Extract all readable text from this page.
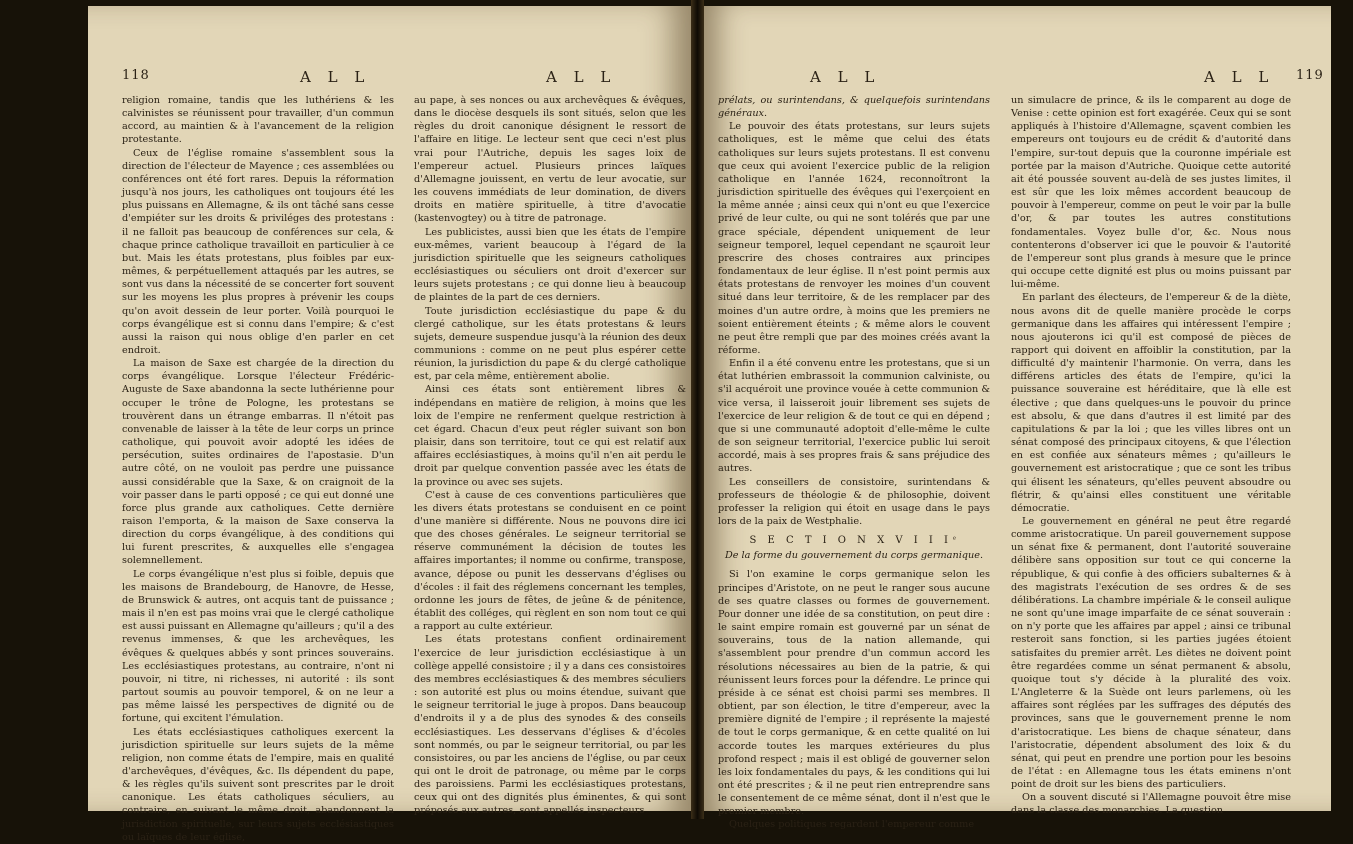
118	A L L	A L L

religion romaine, tandis que les luthériens & les calvinistes se réunissent pour travailler, d'un commun accord, au maintien & à l'avancement de la religion protestante.

Ceux de l'église romaine s'assemblent sous la direction de l'électeur de Mayence ; ces assemblées ou conférences ont été fort rares. Depuis la réformation jusqu'à nos jours, les catholiques ont toujours été les plus puissans en Allemagne, & ils ont tâché sans cesse d'empiéter sur les droits & priviléges des protestans : il ne falloit pas beaucoup de conférences sur cela, & chaque prince catholique travailloit en particulier à ce but. Mais les états protestans, plus foibles par eux-mêmes, & perpétuellement attaqués par les autres, se sont vus dans la nécessité de se concerter fort souvent sur les moyens les plus propres à prévenir les coups qu'on avoit dessein de leur porter. Voilà pourquoi le corps évangélique est si connu dans l'empire; & c'est aussi la raison qui nous oblige d'en parler en cet endroit.

La maison de Saxe est chargée de la direction du corps évangélique. Lorsque l'électeur Frédéric-Auguste de Saxe abandonna la secte luthérienne pour occuper le trône de Pologne, les protestans se trouvèrent dans un étrange embarras. Il n'étoit pas convenable de laisser à la tête de leur corps un prince catholique, qui pouvoit avoir adopté les idées de persécution, suites ordinaires de l'apostasie. D'un autre côté, on ne vouloit pas perdre une puissance aussi considérable que la Saxe, & on craignoit de la voir passer dans le parti opposé ; ce qui eut donné une force plus grande aux catholiques. Cette dernière raison l'emporta, & la maison de Saxe conserva la direction du corps évangélique, à des conditions qui lui furent prescrites, & auxquelles elle s'engagea solemnellement.

Le corps évangélique n'est plus si foible, depuis que les maisons de Brandebourg, de Hanovre, de Hesse, de Brunswick & autres, ont acquis tant de puissance ; mais il n'en est pas moins vrai que le clergé catholique est aussi puissant en Allemagne qu'ailleurs ; qu'il a des revenus immenses, & que les archevêques, les évêques & quelques abbés y sont princes souverains. Les ecclésiastiques protestans, au contraire, n'ont ni pouvoir, ni titre, ni richesses, ni autorité : ils sont partout soumis au pouvoir temporel, & on ne leur a pas même laissé les perspectives de dignité ou de fortune, qui excitent l'émulation.

Les états ecclésiastiques catholiques exercent la jurisdiction spirituelle sur leurs sujets de la même religion, non comme états de l'empire, mais en qualité d'archevêques, d'évêques, &c. Ils dépendent du pape, & les règles qu'ils suivent sont prescrites par le droit canonique. Les états catholiques séculiers, au contraire, en suivant le même droit, abandonnent la jurisdiction spirituelle, sur leurs sujets ecclésiastiques ou laïques de leur église,

au pape, à ses nonces ou aux archevêques & évêques, dans le diocèse desquels ils sont situés, selon que les règles du droit canonique désignent le ressort de l'affaire en litige. Le lecteur sent que ceci n'est plus vrai pour l'Autriche, depuis les sages loix de l'empereur actuel. Plusieurs princes laïques d'Allemagne jouissent, en vertu de leur avocatie, sur les couvens immédiats de leur domination, de divers droits en matière spirituelle, à titre d'avocatie (kastenvogtey) ou à titre de patronage.

Les publicistes, aussi bien que les états de l'empire eux-mêmes, varient beaucoup à l'égard de la jurisdiction spirituelle que les seigneurs catholiques ecclésiastiques ou séculiers ont droit d'exercer sur leurs sujets protestans ; ce qui donne lieu à beaucoup de plaintes de la part de ces derniers.

Toute jurisdiction ecclésiastique du pape & du clergé catholique, sur les états protestans & leurs sujets, demeure suspendue jusqu'à la réunion des deux communions : comme on ne peut plus espérer cette réunion, la jurisdiction du pape & du clergé catholique est, par cela même, entièrement abolie.

Ainsi ces états sont entièrement libres & indépendans en matière de religion, à moins que les loix de l'empire ne renferment quelque restriction à cet égard. Chacun d'eux peut régler suivant son bon plaisir, dans son territoire, tout ce qui est relatif aux affaires ecclésiastiques, à moins qu'il n'en ait perdu le droit par quelque convention passée avec les états de la province ou avec ses sujets.

C'est à cause de ces conventions particulières que les divers états protestans se conduisent en ce point d'une manière si différente. Nous ne pouvons dire ici que des choses générales. Le seigneur territorial se réserve communément la décision de toutes les affaires importantes; il nomme ou confirme, transpose, avance, dépose ou punit les desservans d'églises ou d'écoles : il fait des réglemens concernant les temples, ordonne les jours de fêtes, de jeûne & de pénitence, établit des colléges, qui règlent en son nom tout ce qui a rapport au culte extérieur.

Les états protestans confient ordinairement l'exercice de leur jurisdiction ecclésiastique à un collège appellé consistoire ; il y a dans ces consistoires des membres ecclésiastiques & des membres séculiers : son autorité est plus ou moins étendue, suivant que le seigneur territorial le juge à propos. Dans beaucoup d'endroits il y a de plus des synodes & des conseils ecclésiastiques. Les desservans d'églises & d'écoles sont nommés, ou par le seigneur territorial, ou par les consistoires, ou par les anciens de l'église, ou par ceux qui ont le droit de patronage, ou même par le corps des paroissiens. Parmi les ecclésiastiques protestans, ceux qui ont des dignités plus éminentes, & qui sont préposés aux autres, sont appellés inspecteurs

A L L	A L L 119

prélats, ou surintendans, & quelquefois surintendans généraux.

Le pouvoir des états protestans, sur leurs sujets catholiques, est le même que celui des états catholiques sur leurs sujets protestans. Il est convenu que ceux qui avoient l'exercice public de la religion catholique en l'année 1624, reconnoîtront la jurisdiction spirituelle des évêques qui l'exerçoient en la même année ; ainsi ceux qui n'ont eu que l'exercice privé de leur culte, ou qui ne sont tolérés que par une grace spéciale, dépendent uniquement de leur seigneur temporel, lequel cependant ne sçauroit leur prescrire des choses contraires aux principes fondamentaux de leur église. Il n'est point permis aux états protestans de renvoyer les moines d'un couvent situé dans leur territoire, & de les remplacer par des moines d'un autre ordre, à moins que les premiers ne soient entièrement éteints ; & même alors le couvent ne peut être rempli que par des moines créés avant la réforme.

Enfin il a été convenu entre les protestans, que si un état luthérien embrassoit la communion calviniste, ou s'il acquéroit une province vouée à cette communion & vice versa, il laisseroit jouir librement ses sujets de l'exercice de leur religion & de tout ce qui en dépend ; que si une communauté adoptoit d'elle-même le culte de son seigneur territorial, l'exercice public lui seroit accordé, mais à ses propres frais & sans préjudice des autres.

Les conseillers de consistoire, surintendans & professeurs de théologie & de philosophie, doivent professer la religion qui étoit en usage dans le pays lors de la paix de Westphalie.

S E C T I O N X V I I I ͤ

De la forme du gouvernement du corps germanique.

Si l'on examine le corps germanique selon les principes d'Aristote, on ne peut le ranger sous aucune de ses quatre classes ou formes de gouvernement. Pour donner une idée de sa constitution, on peut dire : le saint empire romain est gouverné par un sénat de souverains, tous de la nation allemande, qui s'assemblent pour prendre d'un commun accord les résolutions nécessaires au bien de la patrie, & qui réunissent leurs forces pour la défendre. Le prince qui préside à ce sénat est choisi parmi ses membres. Il obtient, par son élection, le titre d'empereur, avec la première dignité de l'empire ; il représente la majesté de tout le corps germanique, & en cette qualité on lui accorde toutes les marques extérieures du plus profond respect ; mais il est obligé de gouverner selon les loix fondamentales du pays, & les conditions qui lui ont été prescrites ; & il ne peut rien entreprendre sans le consentement de ce même sénat, dont il n'est que le premier membre.

Quelques politiques regardent l'empereur comme

un simulacre de prince, & ils le comparent au doge de Venise : cette opinion est fort exagérée. Ceux qui se sont appliqués à l'histoire d'Allemagne, sçavent combien les empereurs ont toujours eu de crédit & d'autorité dans l'empire, sur-tout depuis que la couronne impériale est portée par la maison d'Autriche. Quoique cette autorité ait été poussée souvent au-delà de ses justes limites, il est sûr que les loix mêmes accordent beaucoup de pouvoir à l'empereur, comme on peut le voir par la bulle d'or, & par toutes les autres constitutions fondamentales. Voyez bulle d'or, &c. Nous nous contenterons d'observer ici que le pouvoir & l'autorité de l'empereur sont plus grands à mesure que le prince qui occupe cette dignité est plus ou moins puissant par lui-même.

En parlant des électeurs, de l'empereur & de la diète, nous avons dit de quelle manière procède le corps germanique dans les affaires qui intéressent l'empire ; nous ajouterons ici qu'il est composé de pièces de rapport qui doivent en affoiblir la constitution, par la difficulté d'y maintenir l'harmonie. On verra, dans les différens articles des états de l'empire, qu'ici la puissance souveraine est héréditaire, que là elle est élective ; que dans quelques-uns le pouvoir du prince est absolu, & que dans d'autres il est limité par des capitulations & par la loi ; que les villes libres ont un sénat composé des principaux citoyens, & que l'élection en est confiée aux sénateurs mêmes ; qu'ailleurs le gouvernement est aristocratique ; que ce sont les tribus qui élisent les sénateurs, qu'elles peuvent absoudre ou flétrir, & qu'ainsi elles constituent une véritable démocratie.

Le gouvernement en général ne peut être regardé comme aristocratique. Un pareil gouvernement suppose un sénat fixe & permanent, dont l'autorité souveraine délibère sans opposition sur tout ce qui concerne la république, & qui confie à des officiers subalternes & à des magistrats l'exécution de ses ordres & de ses délibérations. La chambre impériale & le conseil aulique ne sont qu'une image imparfaite de ce sénat souverain : on n'y porte que les affaires par appel ; ainsi ce tribunal resteroit sans fonction, si les parties jugées étoient satisfaites du premier arrêt. Les diètes ne doivent point être regardées comme un sénat permanent & absolu, quoique tout s'y décide à la pluralité des voix. L'Angleterre & la Suède ont leurs parlemens, où les affaires sont réglées par les suffrages des députés des provinces, sans que le gouvernement prenne le nom d'aristocratique. Les biens de chaque sénateur, dans l'aristocratie, dépendent absolument des loix & du sénat, qui peut en prendre une portion pour les besoins de l'état : en Allemagne tous les états eminens n'ont point de droit sur les biens des particuliers.

On a souvent discuté si l'Allemagne pouvoit être mise dans la classe des monarchies. La question
